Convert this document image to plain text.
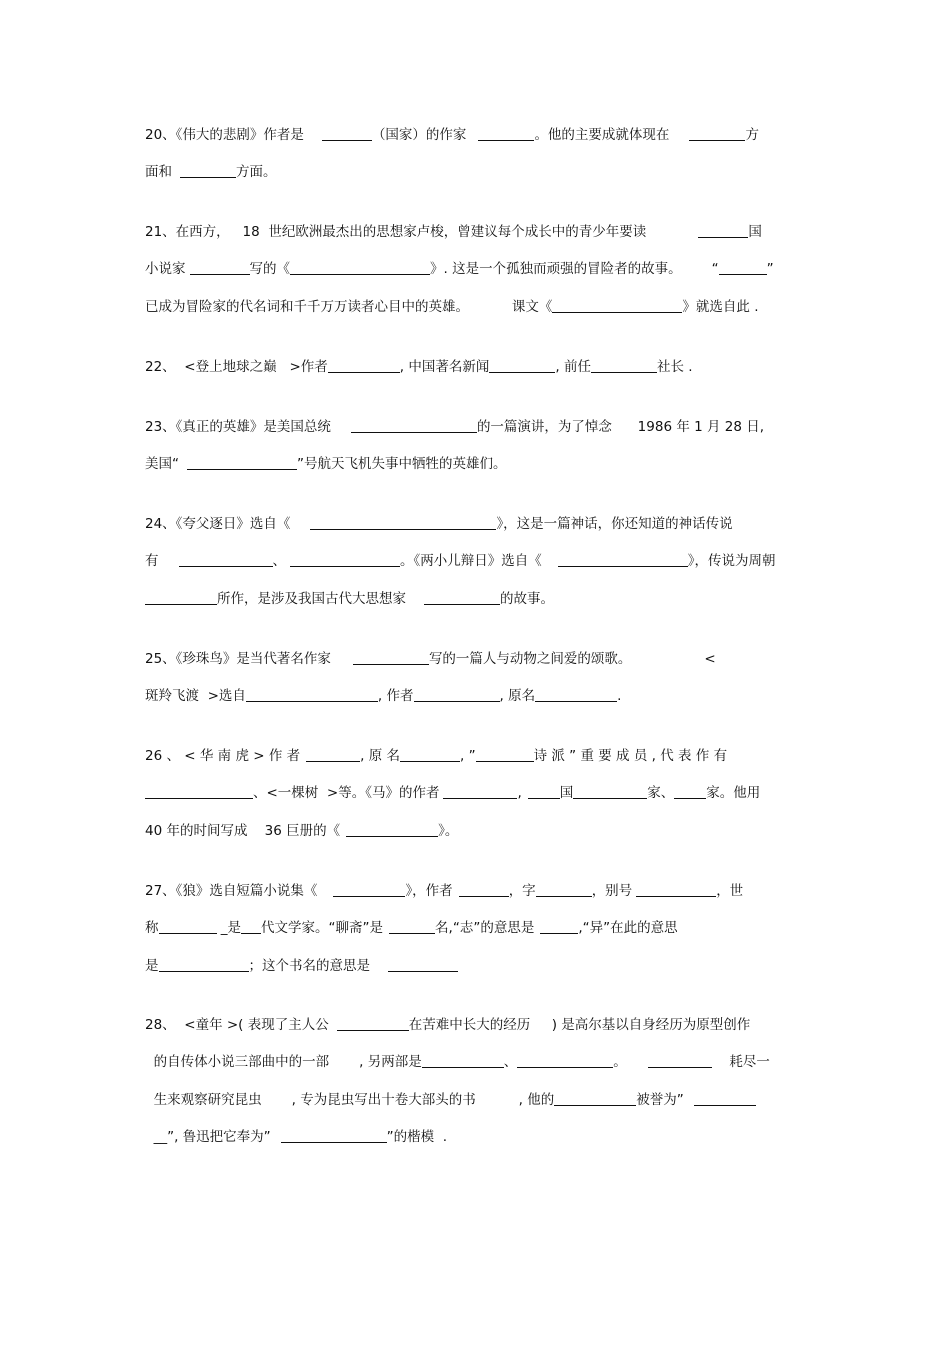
20、《伟大的悲剧》作者是	（国家）的作家	。他的主要成就体现在	方
面和	方面。
21、在西方，   18  世纪欧洲最杰出的思想家卢梭，曾建议每个成长中的青少年要读	国
小说家	写的《	》. 这是一个孤独而顽强的冒险者的故事。       “	”
已成为冒险家的代名词和千千万万读者心目中的英雄。          课文《	》就选自此 .
22、  <登上地球之巅   >作者	, 中国著名新闻	, 前任	社长 .
23、《真正的英雄》是美国总统	的一篇演讲，为了悼念      1986 年 1 月 28 日,
美国“	”号航天飞机失事中牺牲的英雄们。
24、《夸父逐日》选自《	》，这是一篇神话，你还知道的神话传说
有	、	。《两小儿辩日》选自《	》，传说为周朝
所作，是涉及我国古代大思想家	的故事。
25、《珍珠鸟》是当代著名作家	写的一篇人与动物之间爱的颂歌。                 <
斑羚飞渡  >选自	, 作者	, 原名	.
26 、 < 华 南 虎 > 作 者	, 原 名	, ”	诗 派 ” 重 要 成 员 , 代 表 作 有
、<一棵树  >等。《马》的作者	,	国	家、 家。他用
40 年的时间写成    36 巨册的《	》。
27、《狼》选自短篇小说集《	》，作者	，字	，别号	，世
称	_是 代文学家。“聊斋”是	名,“志”的意思是	,“异”在此的意思
是	；这个书名的意思是
28、  <童年 >( 表现了主人公	在苦难中长大的经历     ) 是高尔基以自身经历为原型创作
的自传体小说三部曲中的一部       , 另两部是	、	。	耗尽一
生来观察研究昆虫       , 专为昆虫写出十卷大部头的书          , 他的	被誉为”
__”, 鲁迅把它奉为”	”的楷模  .
